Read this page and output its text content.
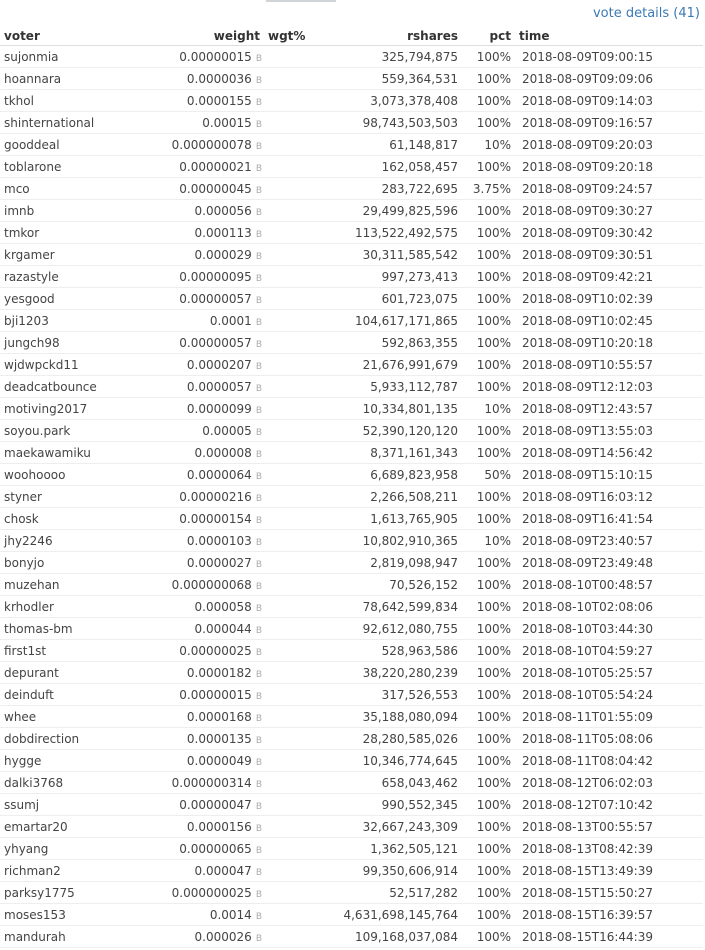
vote details (41)
voter	weight	wgt%	rshares	pct	time
sujonmia	0.00000015 B		325,794,875	100%	2018-08-09T09:00:15
hoannara	0.0000036 B		559,364,531	100%	2018-08-09T09:09:06
tkhol	0.0000155 B		3,073,378,408	100%	2018-08-09T09:14:03
shinternational	0.00015 B		98,743,503,503	100%	2018-08-09T09:16:57
gooddeal	0.000000078 B		61,148,817	10%	2018-08-09T09:20:03
toblarone	0.00000021 B		162,058,457	100%	2018-08-09T09:20:18
mco	0.00000045 B		283,722,695	3.75%	2018-08-09T09:24:57
imnb	0.000056 B		29,499,825,596	100%	2018-08-09T09:30:27
tmkor	0.000113 B		113,522,492,575	100%	2018-08-09T09:30:42
krgamer	0.000029 B		30,311,585,542	100%	2018-08-09T09:30:51
razastyle	0.00000095 B		997,273,413	100%	2018-08-09T09:42:21
yesgood	0.00000057 B		601,723,075	100%	2018-08-09T10:02:39
bji1203	0.0001 B		104,617,171,865	100%	2018-08-09T10:02:45
jungch98	0.00000057 B		592,863,355	100%	2018-08-09T10:20:18
wjdwpckd11	0.0000207 B		21,676,991,679	100%	2018-08-09T10:55:57
deadcatbounce	0.0000057 B		5,933,112,787	100%	2018-08-09T12:12:03
motiving2017	0.0000099 B		10,334,801,135	10%	2018-08-09T12:43:57
soyou.park	0.00005 B		52,390,120,120	100%	2018-08-09T13:55:03
maekawamiku	0.000008 B		8,371,161,343	100%	2018-08-09T14:56:42
woohoooo	0.0000064 B		6,689,823,958	50%	2018-08-09T15:10:15
styner	0.00000216 B		2,266,508,211	100%	2018-08-09T16:03:12
chosk	0.00000154 B		1,613,765,905	100%	2018-08-09T16:41:54
jhy2246	0.0000103 B		10,802,910,365	10%	2018-08-09T23:40:57
bonyjo	0.0000027 B		2,819,098,947	100%	2018-08-09T23:49:48
muzehan	0.000000068 B		70,526,152	100%	2018-08-10T00:48:57
krhodler	0.000058 B		78,642,599,834	100%	2018-08-10T02:08:06
thomas-bm	0.000044 B		92,612,080,755	100%	2018-08-10T03:44:30
first1st	0.00000025 B		528,963,586	100%	2018-08-10T04:59:27
depurant	0.0000182 B		38,220,280,239	100%	2018-08-10T05:25:57
deinduft	0.00000015 B		317,526,553	100%	2018-08-10T05:54:24
whee	0.0000168 B		35,188,080,094	100%	2018-08-11T01:55:09
dobdirection	0.0000135 B		28,280,585,026	100%	2018-08-11T05:08:06
hygge	0.0000049 B		10,346,774,645	100%	2018-08-11T08:04:42
dalki3768	0.000000314 B		658,043,462	100%	2018-08-12T06:02:03
ssumj	0.00000047 B		990,552,345	100%	2018-08-12T07:10:42
emartar20	0.0000156 B		32,667,243,309	100%	2018-08-13T00:55:57
yhyang	0.00000065 B		1,362,505,121	100%	2018-08-13T08:42:39
richman2	0.000047 B		99,350,606,914	100%	2018-08-15T13:49:39
parksy1775	0.000000025 B		52,517,282	100%	2018-08-15T15:50:27
moses153	0.0014 B		4,631,698,145,764	100%	2018-08-15T16:39:57
mandurah	0.000026 B		109,168,037,084	100%	2018-08-15T16:44:39
